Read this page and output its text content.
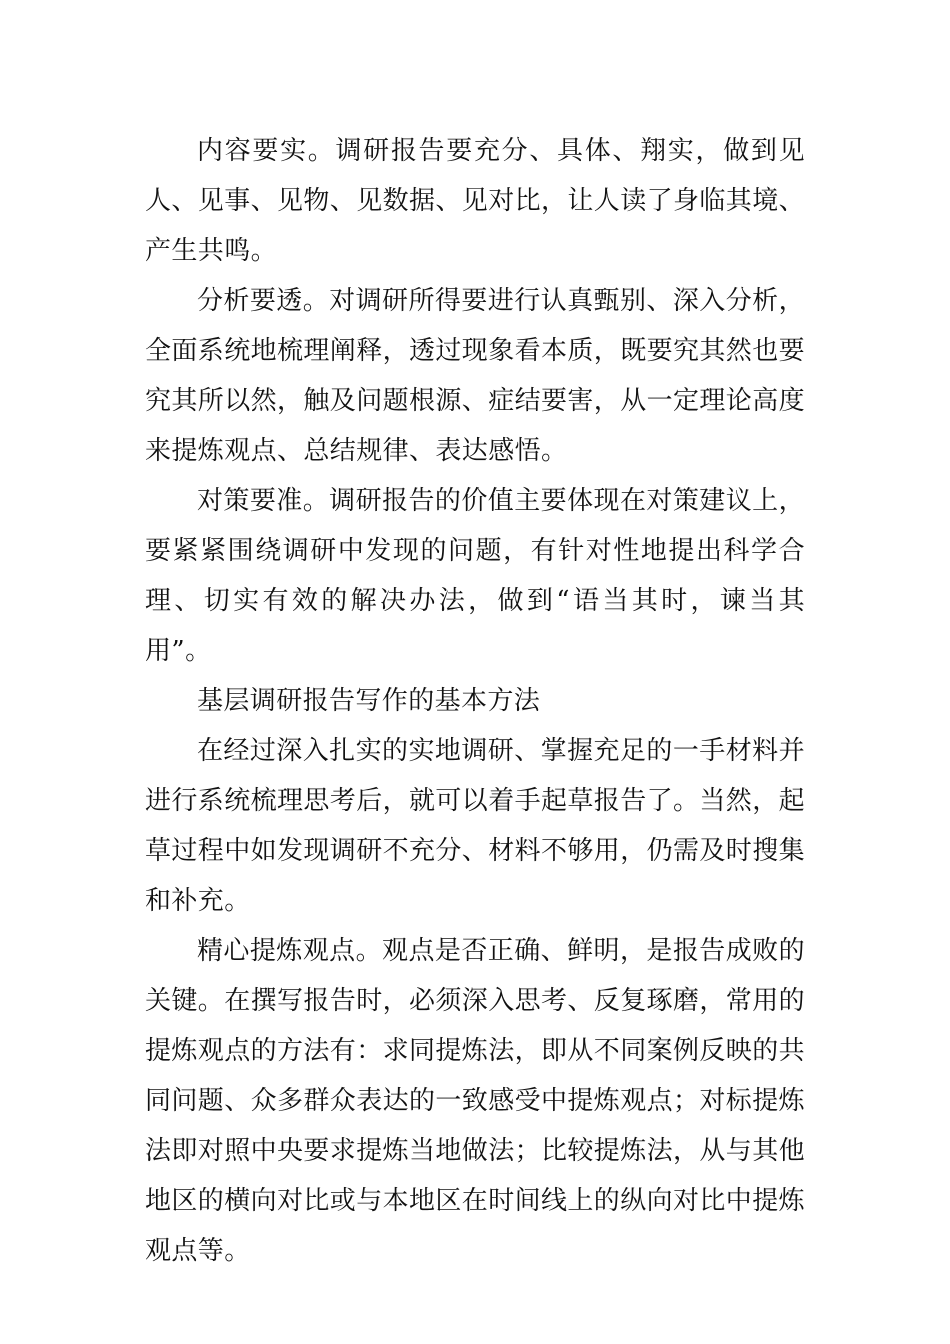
内容要实。调研报告要充分、具体、翔实，做到见人、见事、见物、见数据、见对比，让人读了身临其境、产生共鸣。

分析要透。对调研所得要进行认真甄别、深入分析，全面系统地梳理阐释，透过现象看本质，既要究其然也要究其所以然，触及问题根源、症结要害，从一定理论高度来提炼观点、总结规律、表达感悟。

对策要准。调研报告的价值主要体现在对策建议上，要紧紧围绕调研中发现的问题，有针对性地提出科学合理、切实有效的解决办法，做到“语当其时，谏当其用”。

基层调研报告写作的基本方法

在经过深入扎实的实地调研、掌握充足的一手材料并进行系统梳理思考后，就可以着手起草报告了。当然，起草过程中如发现调研不充分、材料不够用，仍需及时搜集和补充。

精心提炼观点。观点是否正确、鲜明，是报告成败的关键。在撰写报告时，必须深入思考、反复琢磨，常用的提炼观点的方法有：求同提炼法，即从不同案例反映的共同问题、众多群众表达的一致感受中提炼观点；对标提炼法即对照中央要求提炼当地做法；比较提炼法，从与其他地区的横向对比或与本地区在时间线上的纵向对比中提炼观点等。
